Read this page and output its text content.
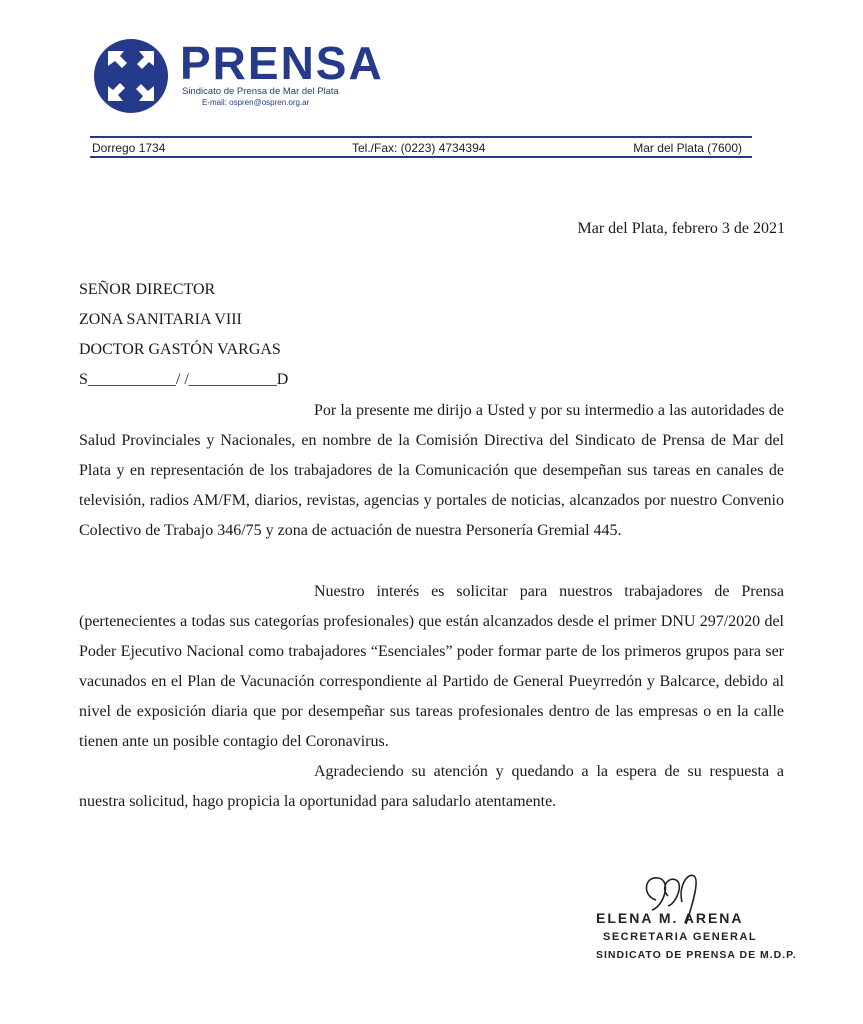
PRENSA
Sindicato de Prensa de Mar del Plata
E-mail: ospren@ospren.org.ar
Dorrego 1734	Tel./Fax: (0223) 4734394	Mar del Plata (7600)
Mar del Plata, febrero 3 de 2021
SEÑOR DIRECTOR
ZONA SANITARIA VIII
DOCTOR GASTÓN VARGAS
S___________/ /___________D

Por la presente me dirijo a Usted y por su intermedio a las autoridades de Salud Provinciales y Nacionales, en nombre de la Comisión Directiva del Sindicato de Prensa de Mar del Plata y en representación de los trabajadores de la Comunicación que desempeñan sus tareas en canales de televisión, radios AM/FM, diarios, revistas, agencias y portales de noticias, alcanzados por nuestro Convenio Colectivo de Trabajo 346/75 y zona de actuación de nuestra Personería Gremial 445.

Nuestro interés es solicitar para nuestros trabajadores de Prensa (pertenecientes a todas sus categorías profesionales) que están alcanzados desde el primer DNU 297/2020 del Poder Ejecutivo Nacional como trabajadores “Esenciales” poder formar parte de los primeros grupos para ser vacunados en el Plan de Vacunación correspondiente al Partido de General Pueyrredón y Balcarce, debido al nivel de exposición diaria que por desempeñar sus tareas profesionales dentro de las empresas o en la calle tienen ante un posible contagio del Coronavirus.

Agradeciendo su atención y quedando a la espera de su respuesta a nuestra solicitud, hago propicia la oportunidad para saludarlo atentamente.

ELENA M. ARENA
SECRETARIA GENERAL
SINDICATO DE PRENSA DE M.D.P.
